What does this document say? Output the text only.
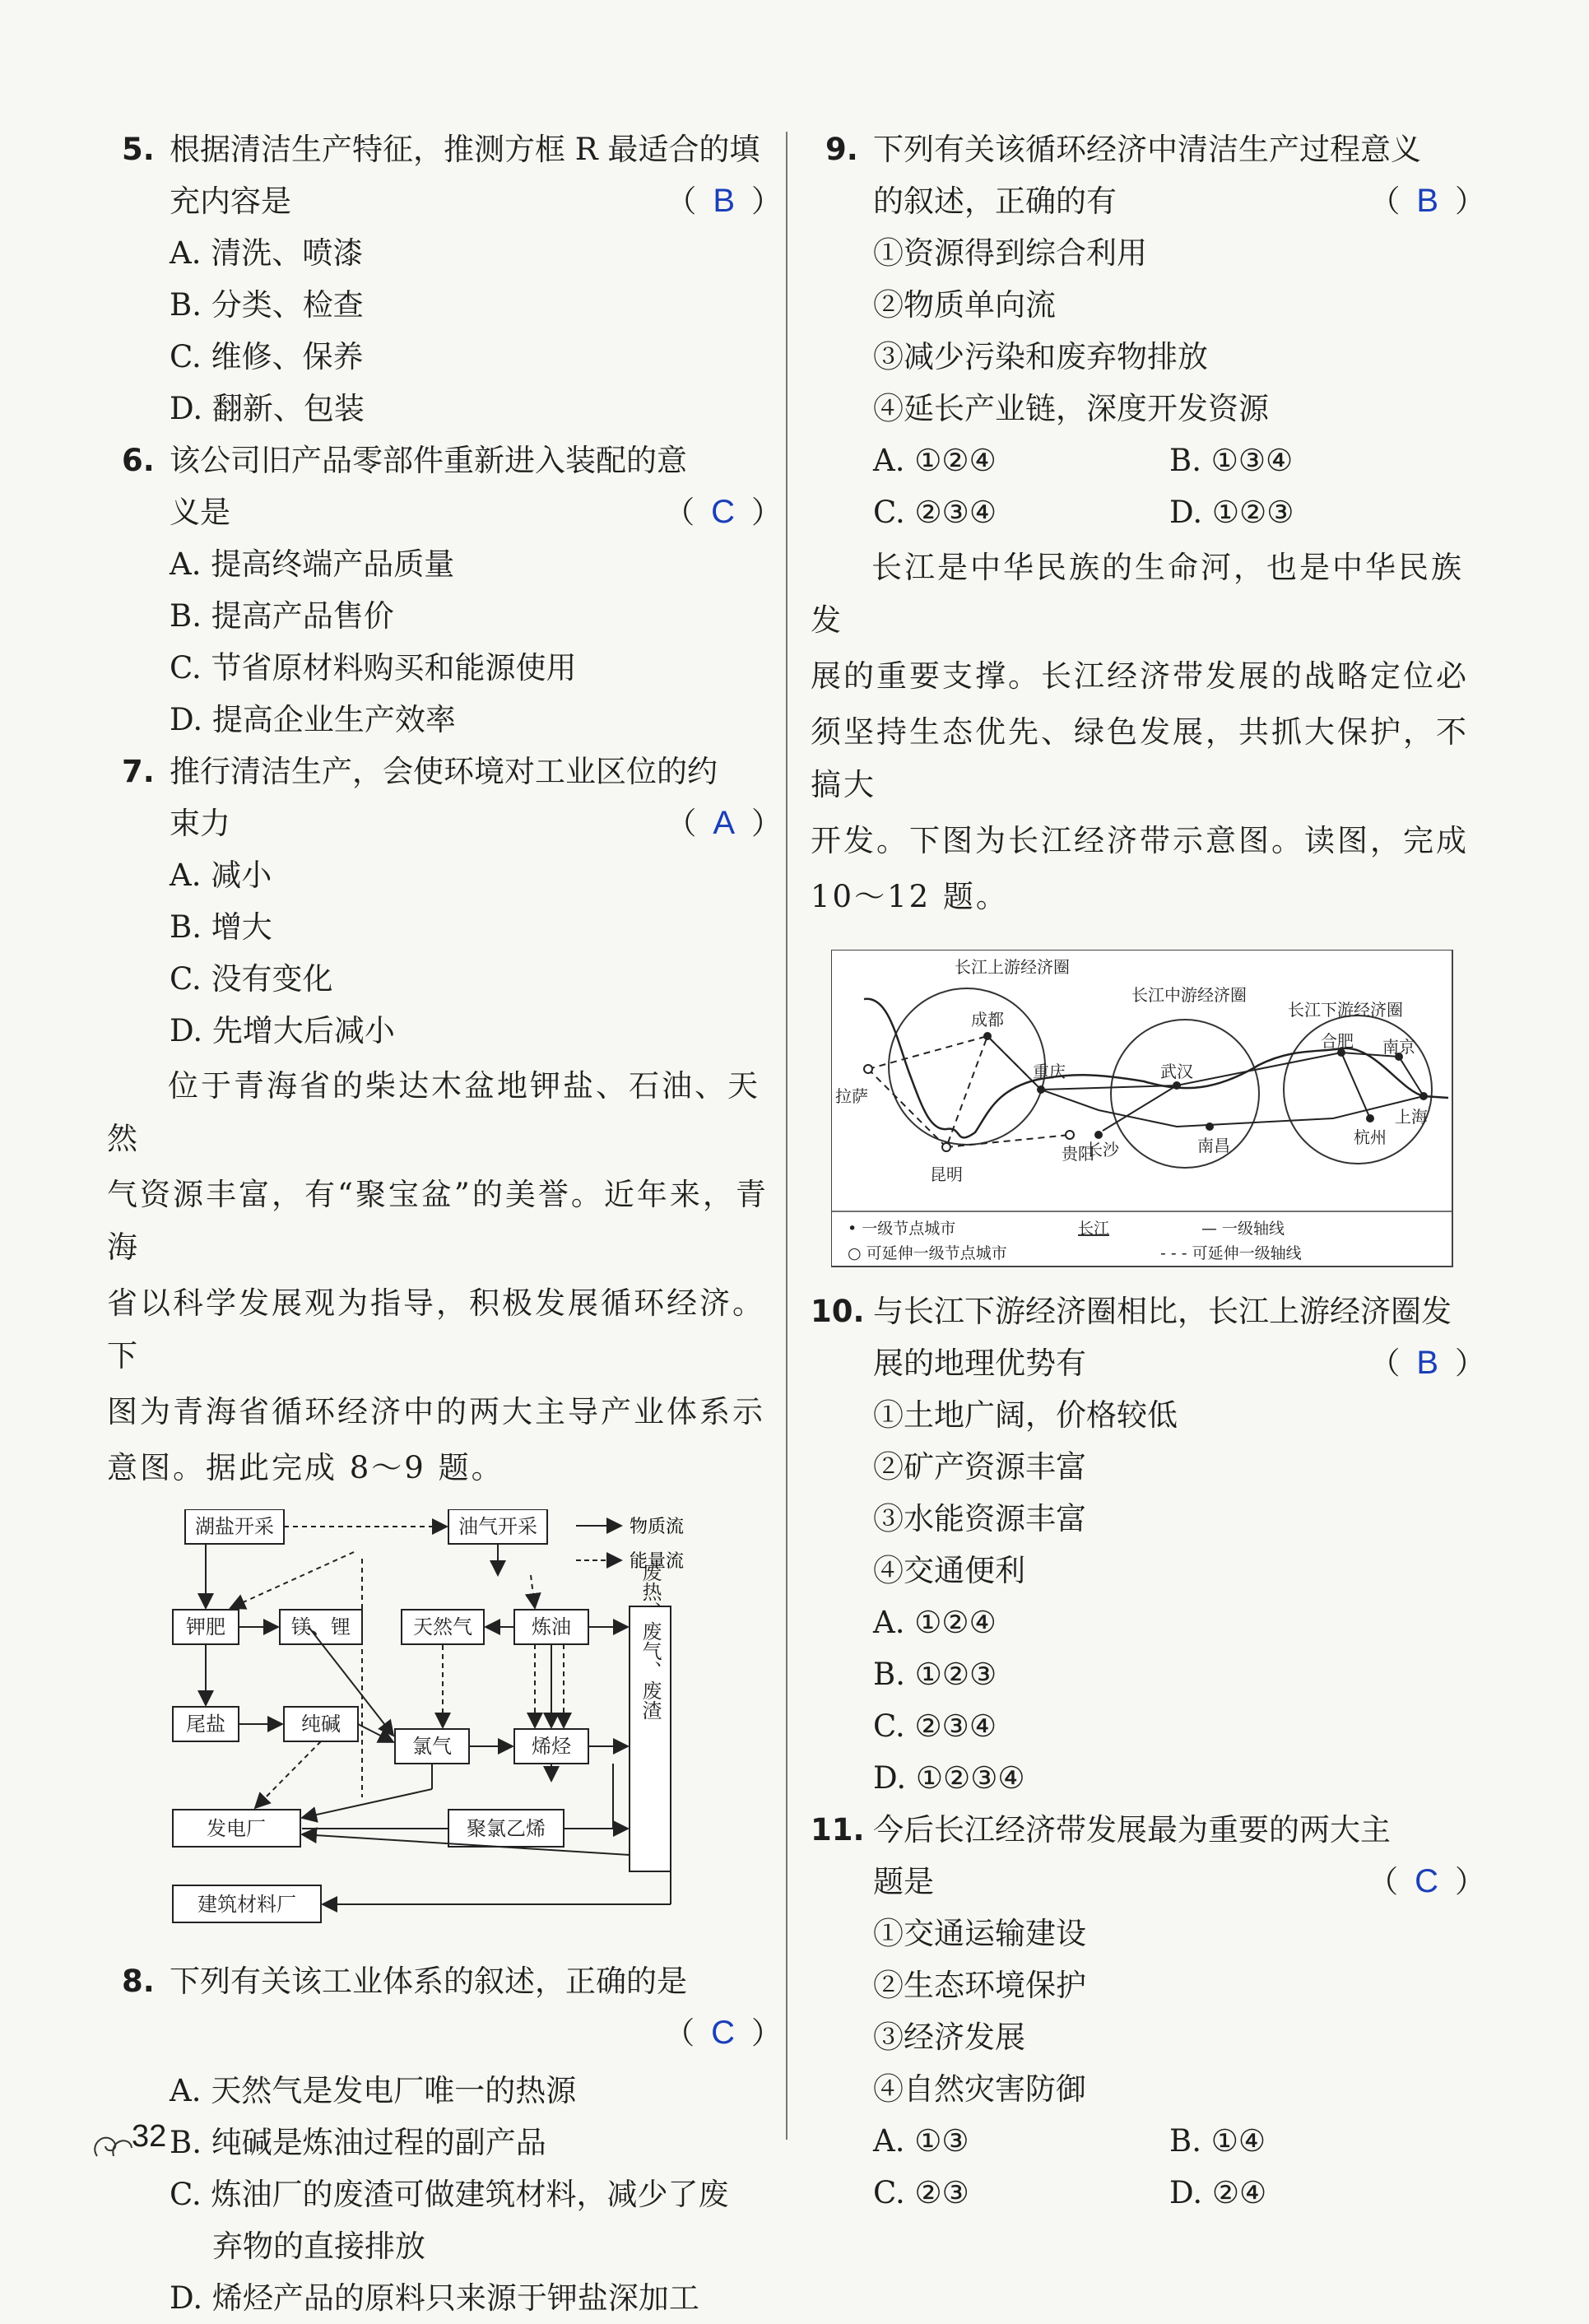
5. 根据清洁生产特征，推测方框 R 最适合的填
充内容是	（ B ）
A. 清洗、喷漆
B. 分类、检查
C. 维修、保养
D. 翻新、包装
6. 该公司旧产品零部件重新进入装配的意
义是	（ C ）
A. 提高终端产品质量
B. 提高产品售价
C. 节省原材料购买和能源使用
D. 提高企业生产效率
7. 推行清洁生产，会使环境对工业区位的约
束力	（ A ）
A. 减小
B. 增大
C. 没有变化
D. 先增大后减小
位于青海省的柴达木盆地钾盐、石油、天然
气资源丰富，有“聚宝盆”的美誉。近年来，青海
省以科学发展观为指导，积极发展循环经济。下
图为青海省循环经济中的两大主导产业体系示
意图。据此完成 8～9 题。
湖盐开采	油气开采
钾肥	镁、锂	天然气	炼油
尾盐	纯碱
氯气	烯烃
发电厂	聚氯乙烯
建筑材料厂
废热、废气、废渣
物质流
能量流
8. 下列有关该工业体系的叙述，正确的是
（ C ）
A. 天然气是发电厂唯一的热源
B. 纯碱是炼油过程的副产品
C. 炼油厂的废渣可做建筑材料，减少了废
弃物的直接排放
D. 烯烃产品的原料只来源于钾盐深加工
9. 下列有关该循环经济中清洁生产过程意义
的叙述，正确的有	（ B ）
①资源得到综合利用
②物质单向流
③减少污染和废弃物排放
④延长产业链，深度开发资源
A. ①②④	B. ①③④
C. ②③④	D. ①②③
长江是中华民族的生命河，也是中华民族发
展的重要支撑。长江经济带发展的战略定位必
须坚持生态优先、绿色发展，共抓大保护，不搞大
开发。下图为长江经济带示意图。读图，完成
10～12 题。
长江上游经济圈
长江中游经济圈
长江下游经济圈
成都
重庆
拉萨
昆明
贵阳
武汉
长沙	南昌
合肥 南京
上海
杭州
• 一级节点城市	长江	— 一级轴线
○ 可延伸一级节点城市	- - - 可延伸一级轴线
10. 与长江下游经济圈相比，长江上游经济圈发
展的地理优势有	（ B ）
①土地广阔，价格较低
②矿产资源丰富
③水能资源丰富
④交通便利
A. ①②④
B. ①②③
C. ②③④
D. ①②③④
11. 今后长江经济带发展最为重要的两大主
题是	（ C ）
①交通运输建设
②生态环境保护
③经济发展
④自然灾害防御
A. ①③	B. ①④
C. ②③	D. ②④
32
